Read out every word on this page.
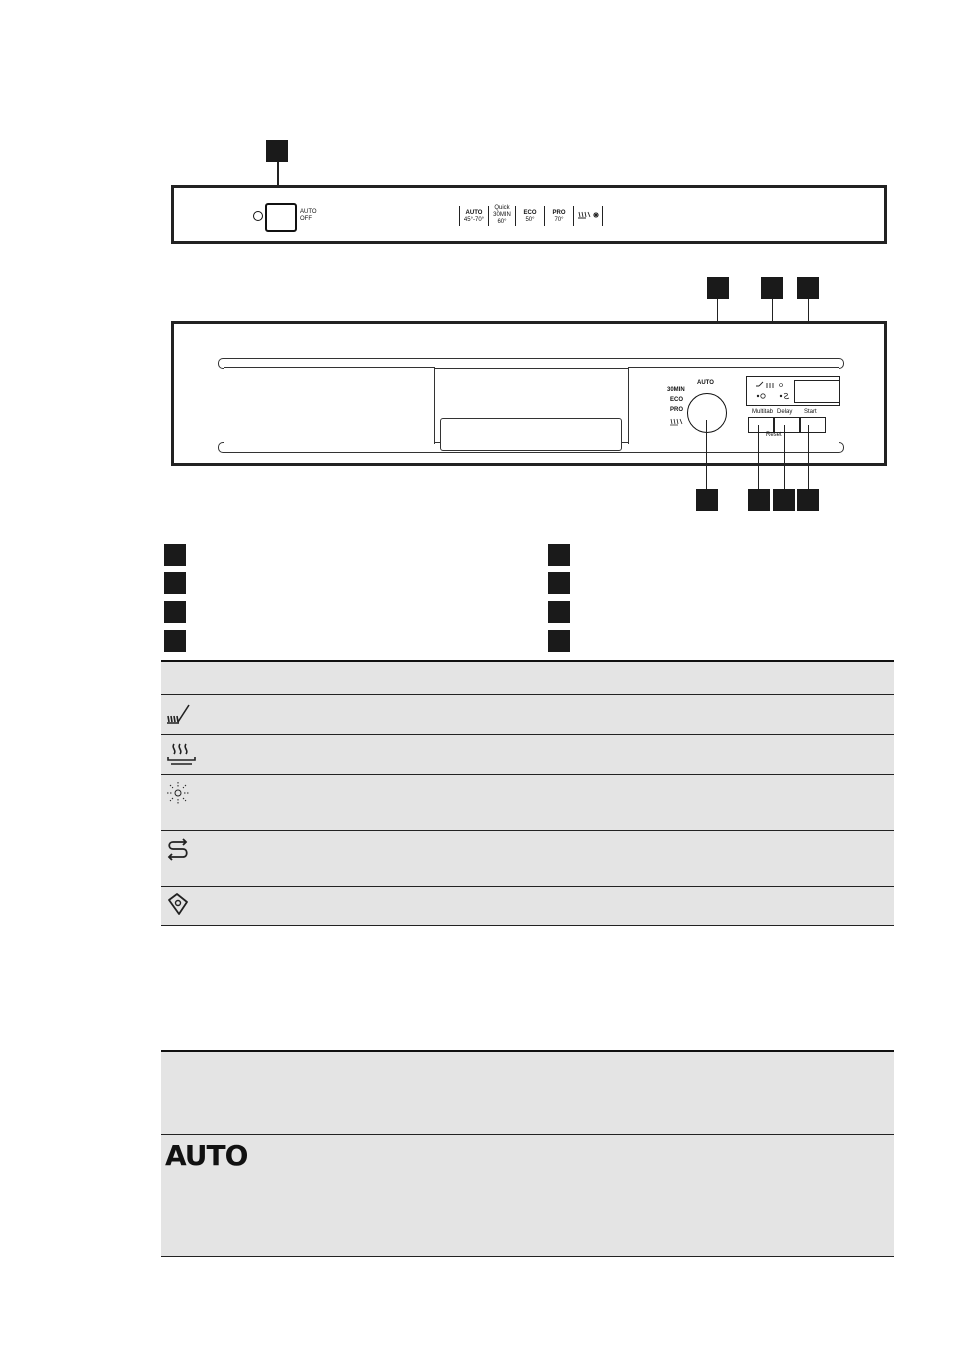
AUTO
OFF
AUTO
45°-70°
Quick
30MIN
60°
ECO
50°
PRO
70°
AUTO
30MIN
ECO
PRO	Multitab Delay Start
Reset
AUTO
